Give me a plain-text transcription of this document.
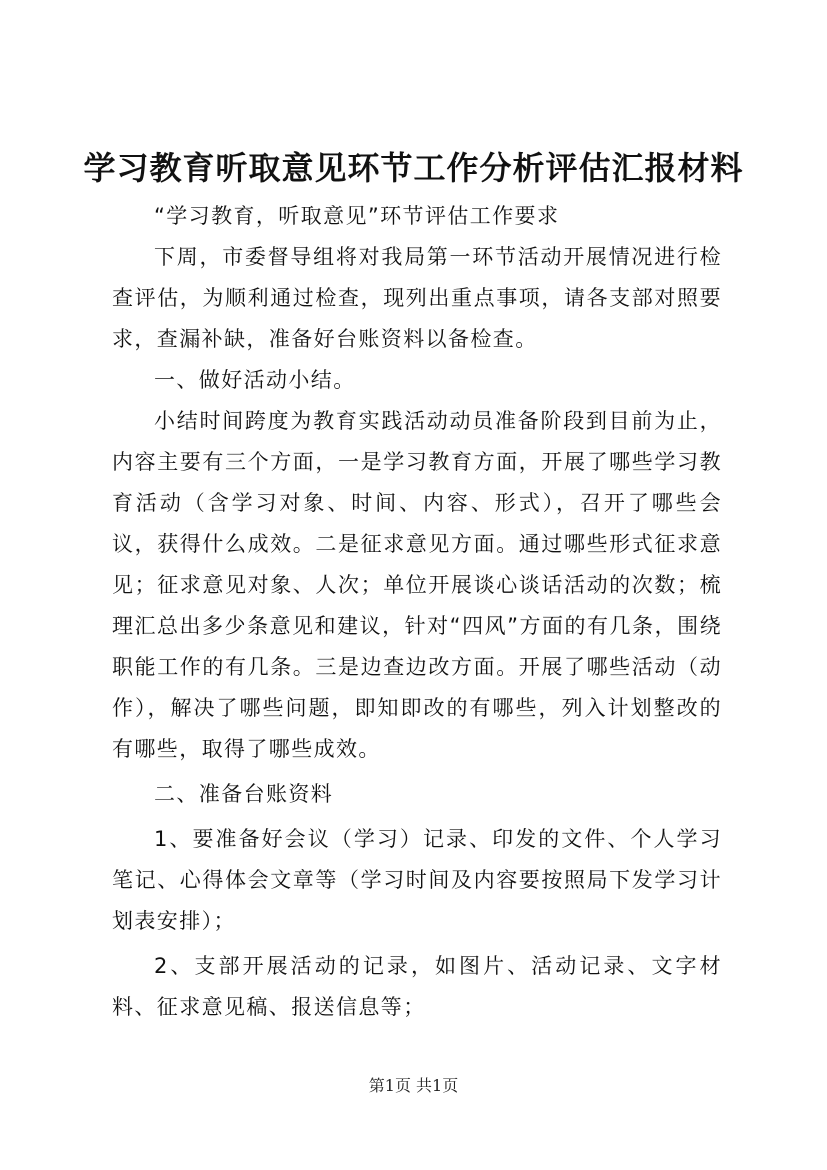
学习教育听取意见环节工作分析评估汇报材料

“学习教育，听取意见”环节评估工作要求

下周，市委督导组将对我局第一环节活动开展情况进行检查评估，为顺利通过检查，现列出重点事项，请各支部对照要求，查漏补缺，准备好台账资料以备检查。

一、做好活动小结。

小结时间跨度为教育实践活动动员准备阶段到目前为止，内容主要有三个方面，一是学习教育方面，开展了哪些学习教育活动（含学习对象、时间、内容、形式），召开了哪些会议，获得什么成效。二是征求意见方面。通过哪些形式征求意见；征求意见对象、人次；单位开展谈心谈话活动的次数；梳理汇总出多少条意见和建议，针对“四风”方面的有几条，围绕职能工作的有几条。三是边查边改方面。开展了哪些活动（动作），解决了哪些问题，即知即改的有哪些，列入计划整改的有哪些，取得了哪些成效。

二、准备台账资料

1、要准备好会议（学习）记录、印发的文件、个人学习笔记、心得体会文章等（学习时间及内容要按照局下发学习计划表安排）；

2、支部开展活动的记录，如图片、活动记录、文字材料、征求意见稿、报送信息等；

第1页 共1页
